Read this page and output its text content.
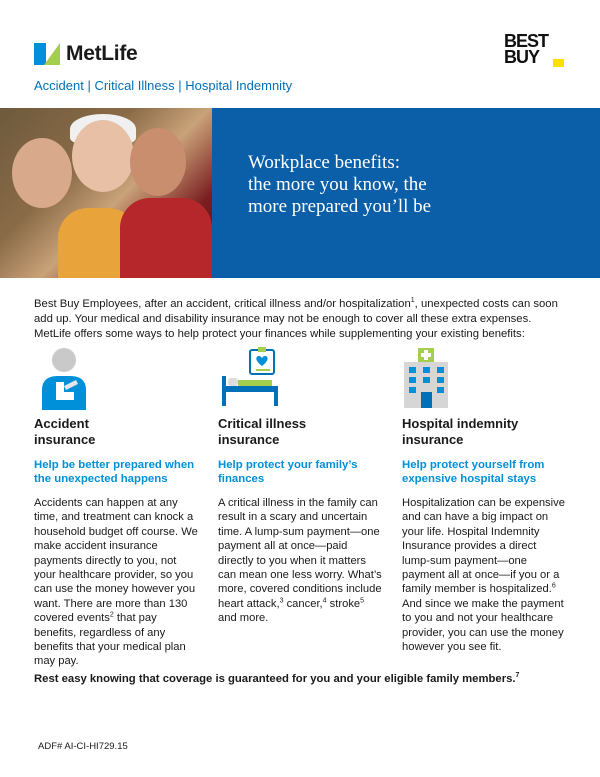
MetLife
BEST
BUY
Accident | Critical Illness | Hospital Indemnity
Workplace benefits:
the more you know, the
more prepared you’ll be
Best Buy Employees, after an accident, critical illness and/or hospitalization$^1$, unexpected costs can soon add up. Your medical and disability insurance may not be enough to cover all these extra expenses. MetLife offers some ways to help protect your finances while supplementing your existing benefits:
Accident
insurance
Help be better prepared when the unexpected happens

Accidents can happen at any time, and treatment can knock a household budget off course. We make accident insurance payments directly to you, not your healthcare provider, so you can use the money however you want. There are more than 130 covered events$^2$ that pay benefits, regardless of any benefits that your medical plan may pay.

Critical illness
insurance
Help protect your family’s finances

A critical illness in the family can result in a scary and uncertain time. A lump-sum payment—one payment all at once—paid directly to you when it matters can mean one less worry. What’s more, covered conditions include heart attack,$^3$ cancer,$^4$ stroke$^5$ and more.

Hospital indemnity
insurance
Help protect yourself from expensive hospital stays

Hospitalization can be expensive and can have a big impact on your life. Hospital Indemnity Insurance provides a direct lump-sum payment—one payment all at once—if you or a family member is hospitalized.$^6$ And since we make the payment to you and not your healthcare provider, you can use the money however you see fit.

Rest easy knowing that coverage is guaranteed for you and your eligible family members.$^7$
ADF# AI-CI-HI729.15
